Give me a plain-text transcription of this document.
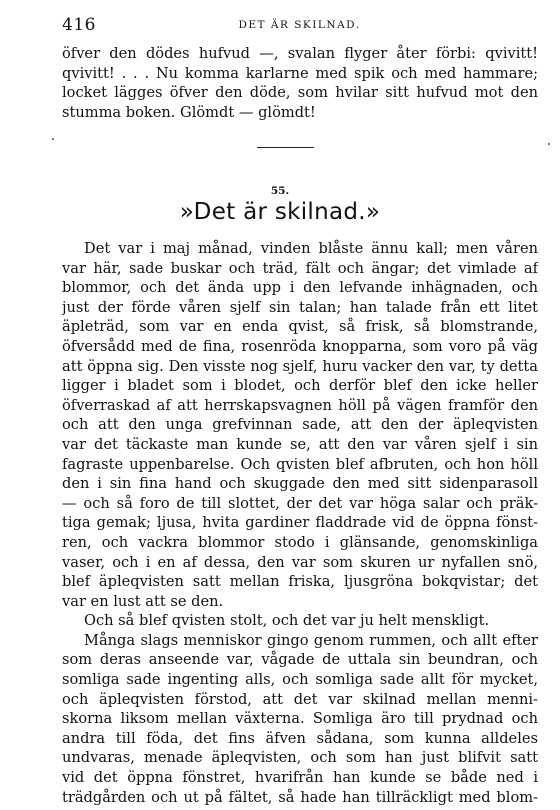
416	DET ÄR SKILNAD.
öfver den dödes hufvud —, svalan flyger åter förbi: qvivitt!
qvivitt! . . . Nu komma karlarne med spik och med hammare;
locket lägges öfver den döde, som hvilar sitt hufvud mot den
stumma boken. Glömdt — glömdt!
55.
»Det är skilnad.»
Det var i maj månad, vinden blåste ännu kall; men våren
var här, sade buskar och träd, fält och ängar; det vimlade af
blommor, och det ända upp i den lefvande inhägnaden, och
just der förde våren sjelf sin talan; han talade från ett litet
äpleträd, som var en enda qvist, så frisk, så blomstrande,
öfversådd med de fina, rosenröda knopparna, som voro på väg
att öppna sig. Den visste nog sjelf, huru vacker den var, ty detta
ligger i bladet som i blodet, och derför blef den icke heller
öfverraskad af att herrskapsvagnen höll på vägen framför den
och att den unga grefvinnan sade, att den der äpleqvisten
var det täckaste man kunde se, att den var våren sjelf i sin
fagraste uppenbarelse. Och qvisten blef afbruten, och hon höll
den i sin fina hand och skuggade den med sitt sidenparasoll
— och så foro de till slottet, der det var höga salar och präk-
tiga gemak; ljusa, hvita gardiner fladdrade vid de öppna fönst-
ren, och vackra blommor stodo i glänsande, genomskinliga
vaser, och i en af dessa, den var som skuren ur nyfallen snö,
blef äpleqvisten satt mellan friska, ljusgröna bokqvistar; det
var en lust att se den.
Och så blef qvisten stolt, och det var ju helt menskligt.
Många slags menniskor gingo genom rummen, och allt efter
som deras anseende var, vågade de uttala sin beundran, och
somliga sade ingenting alls, och somliga sade allt för mycket,
och äpleqvisten förstod, att det var skilnad mellan menni-
skorna liksom mellan växterna. Somliga äro till prydnad och
andra till föda, det fins äfven sådana, som kunna alldeles
undvaras, menade äpleqvisten, och som han just blifvit satt
vid det öppna fönstret, hvarifrån han kunde se både ned i
trädgården och ut på fältet, så hade han tillräckligt med blom-
